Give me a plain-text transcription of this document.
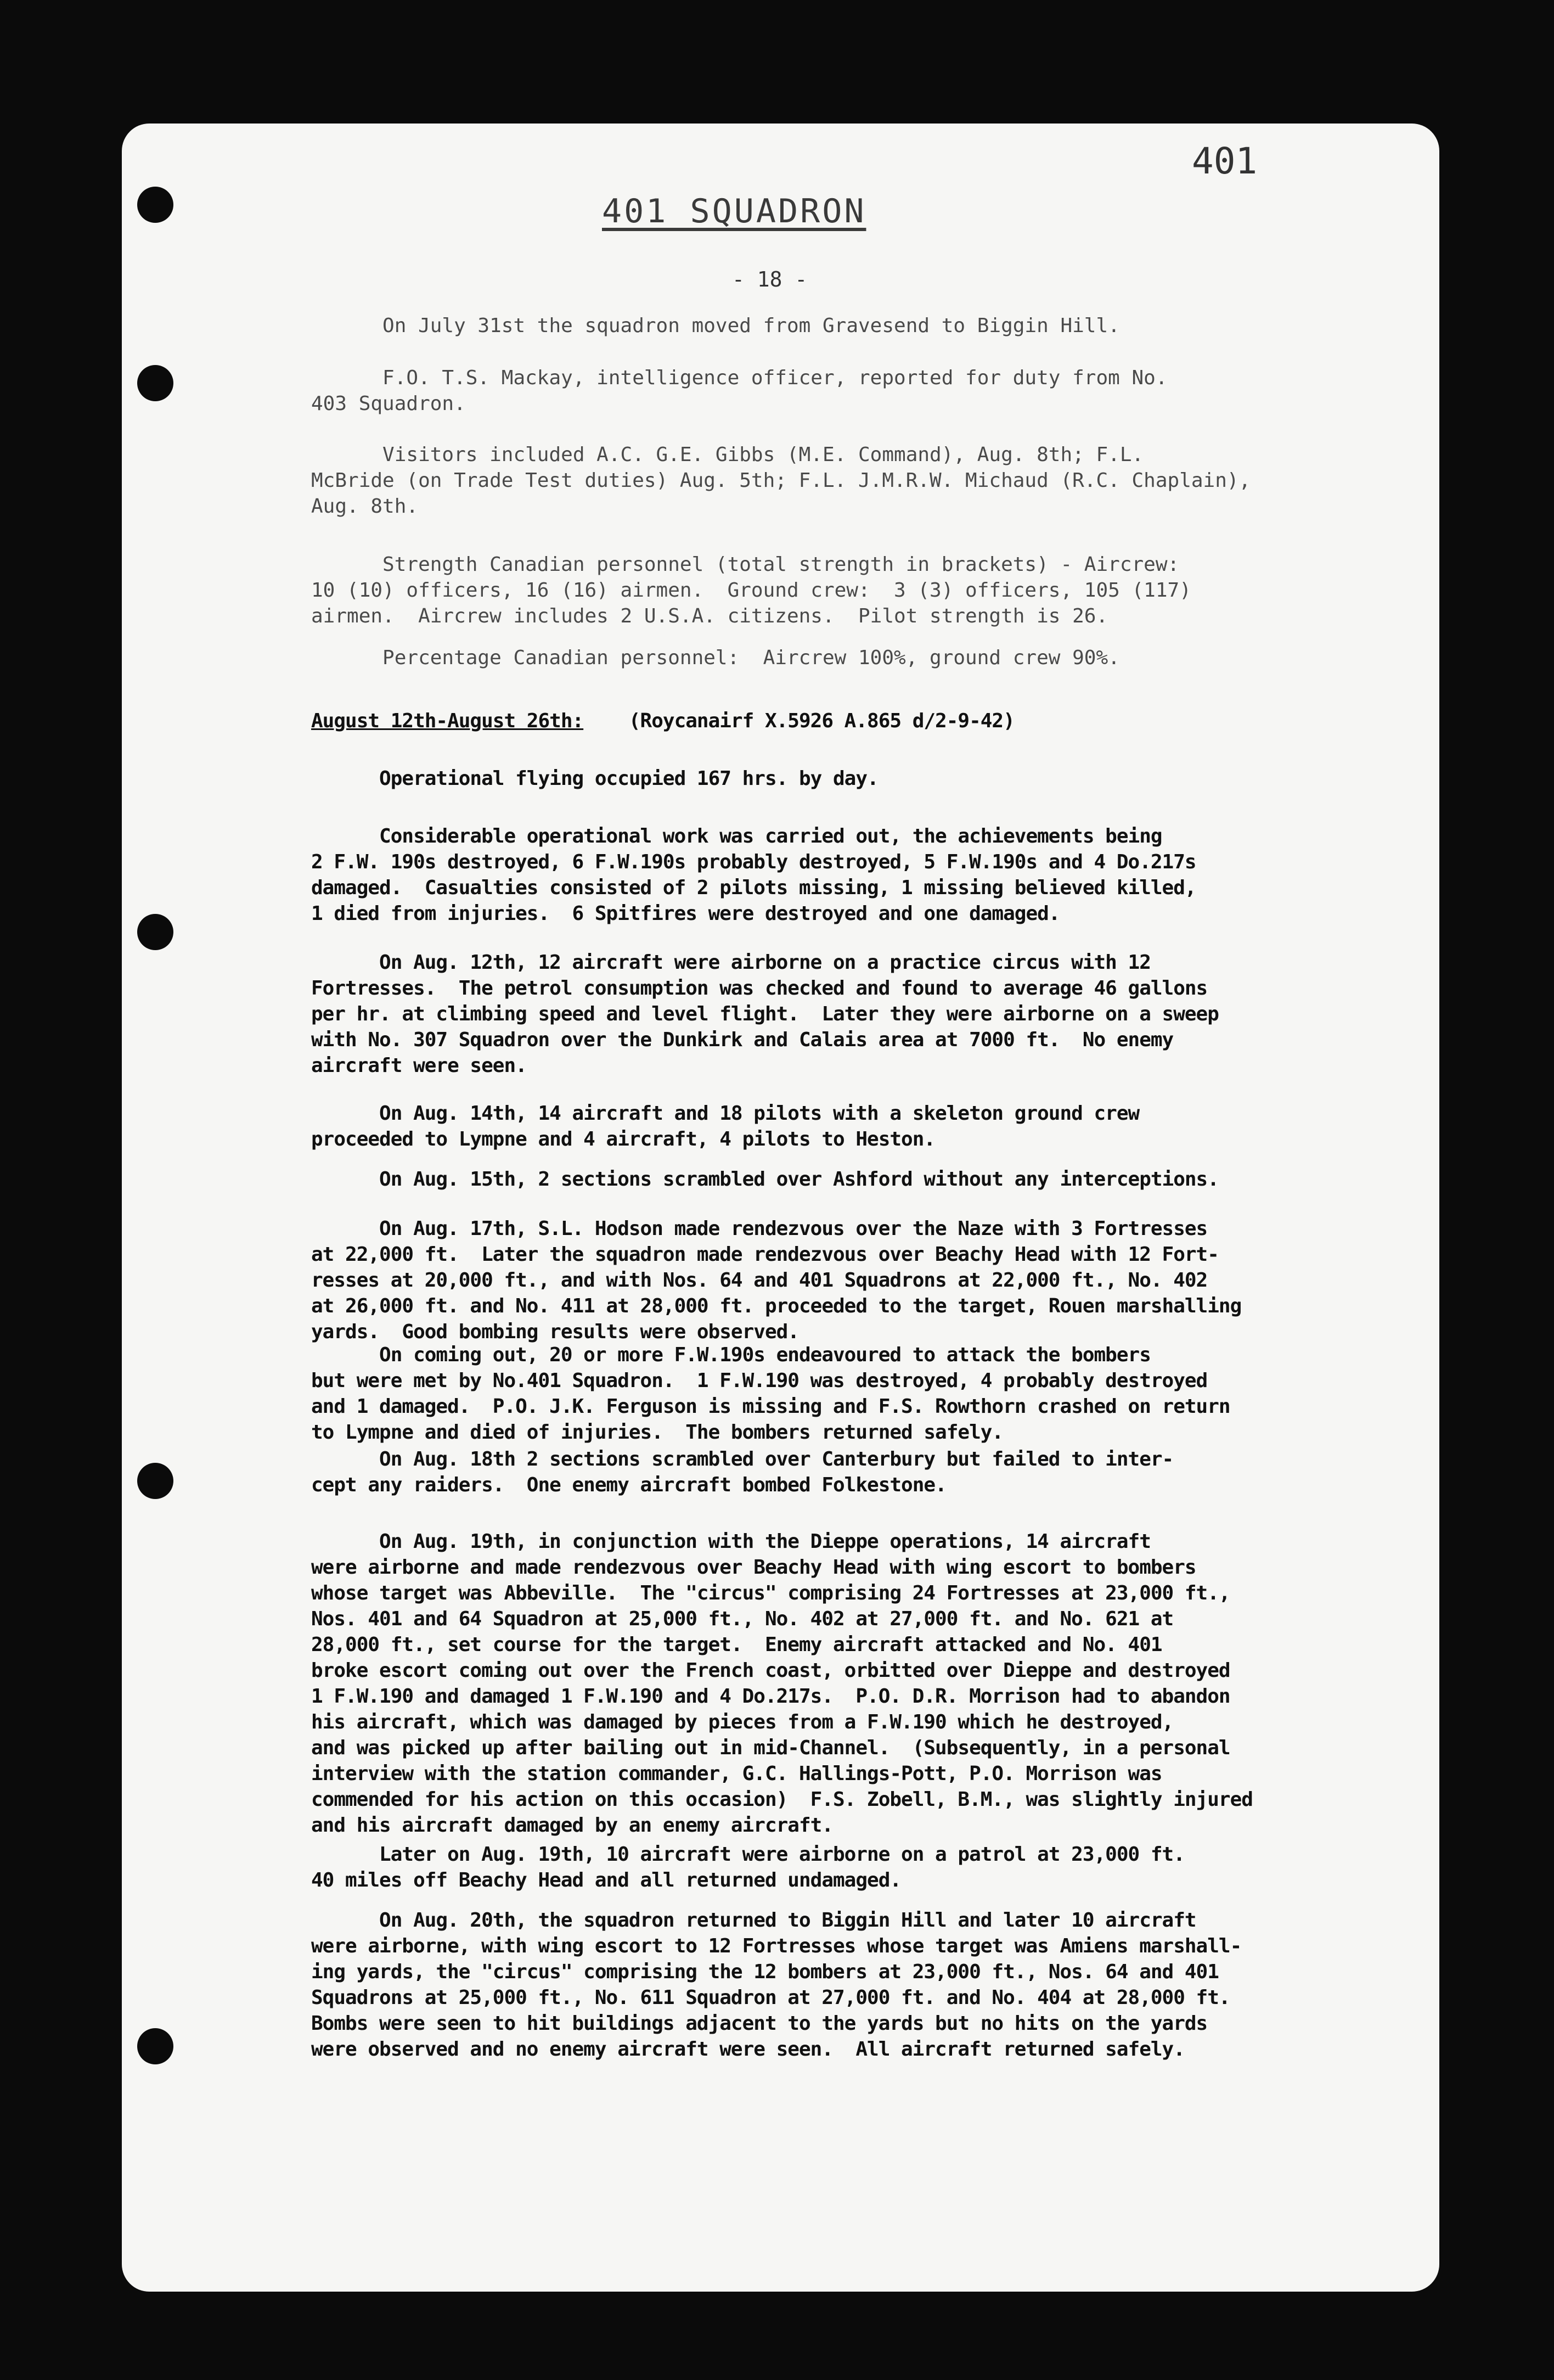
401
401 SQUADRON
- 18 -
On July 31st the squadron moved from Gravesend to Biggin Hill.
F.O. T.S. Mackay, intelligence officer, reported for duty from No.
403 Squadron.
Visitors included A.C. G.E. Gibbs (M.E. Command), Aug. 8th; F.L.
McBride (on Trade Test duties) Aug. 5th; F.L. J.M.R.W. Michaud (R.C. Chaplain),
Aug. 8th.
Strength Canadian personnel (total strength in brackets) - Aircrew:
10 (10) officers, 16 (16) airmen.  Ground crew:  3 (3) officers, 105 (117)
airmen.  Aircrew includes 2 U.S.A. citizens.  Pilot strength is 26.
Percentage Canadian personnel:  Aircrew 100%, ground crew 90%.
August 12th-August 26th:    (Roycanairf X.5926 A.865 d/2-9-42)
Operational flying occupied 167 hrs. by day.
Considerable operational work was carried out, the achievements being
2 F.W. 190s destroyed, 6 F.W.190s probably destroyed, 5 F.W.190s and 4 Do.217s
damaged.  Casualties consisted of 2 pilots missing, 1 missing believed killed,
1 died from injuries.  6 Spitfires were destroyed and one damaged.
On Aug. 12th, 12 aircraft were airborne on a practice circus with 12
Fortresses.  The petrol consumption was checked and found to average 46 gallons
per hr. at climbing speed and level flight.  Later they were airborne on a sweep
with No. 307 Squadron over the Dunkirk and Calais area at 7000 ft.  No enemy
aircraft were seen.
On Aug. 14th, 14 aircraft and 18 pilots with a skeleton ground crew
proceeded to Lympne and 4 aircraft, 4 pilots to Heston.
On Aug. 15th, 2 sections scrambled over Ashford without any interceptions.
On Aug. 17th, S.L. Hodson made rendezvous over the Naze with 3 Fortresses
at 22,000 ft.  Later the squadron made rendezvous over Beachy Head with 12 Fort-
resses at 20,000 ft., and with Nos. 64 and 401 Squadrons at 22,000 ft., No. 402
at 26,000 ft. and No. 411 at 28,000 ft. proceeded to the target, Rouen marshalling
yards.  Good bombing results were observed.
On coming out, 20 or more F.W.190s endeavoured to attack the bombers
but were met by No.401 Squadron.  1 F.W.190 was destroyed, 4 probably destroyed
and 1 damaged.  P.O. J.K. Ferguson is missing and F.S. Rowthorn crashed on return
to Lympne and died of injuries.  The bombers returned safely.
On Aug. 18th 2 sections scrambled over Canterbury but failed to inter-
cept any raiders.  One enemy aircraft bombed Folkestone.
On Aug. 19th, in conjunction with the Dieppe operations, 14 aircraft
were airborne and made rendezvous over Beachy Head with wing escort to bombers
whose target was Abbeville.  The "circus" comprising 24 Fortresses at 23,000 ft.,
Nos. 401 and 64 Squadron at 25,000 ft., No. 402 at 27,000 ft. and No. 621 at
28,000 ft., set course for the target.  Enemy aircraft attacked and No. 401
broke escort coming out over the French coast, orbitted over Dieppe and destroyed
1 F.W.190 and damaged 1 F.W.190 and 4 Do.217s.  P.O. D.R. Morrison had to abandon
his aircraft, which was damaged by pieces from a F.W.190 which he destroyed,
and was picked up after bailing out in mid-Channel.  (Subsequently, in a personal
interview with the station commander, G.C. Hallings-Pott, P.O. Morrison was
commended for his action on this occasion)  F.S. Zobell, B.M., was slightly injured
and his aircraft damaged by an enemy aircraft.
Later on Aug. 19th, 10 aircraft were airborne on a patrol at 23,000 ft.
40 miles off Beachy Head and all returned undamaged.
On Aug. 20th, the squadron returned to Biggin Hill and later 10 aircraft
were airborne, with wing escort to 12 Fortresses whose target was Amiens marshall-
ing yards, the "circus" comprising the 12 bombers at 23,000 ft., Nos. 64 and 401
Squadrons at 25,000 ft., No. 611 Squadron at 27,000 ft. and No. 404 at 28,000 ft.
Bombs were seen to hit buildings adjacent to the yards but no hits on the yards
were observed and no enemy aircraft were seen.  All aircraft returned safely.
